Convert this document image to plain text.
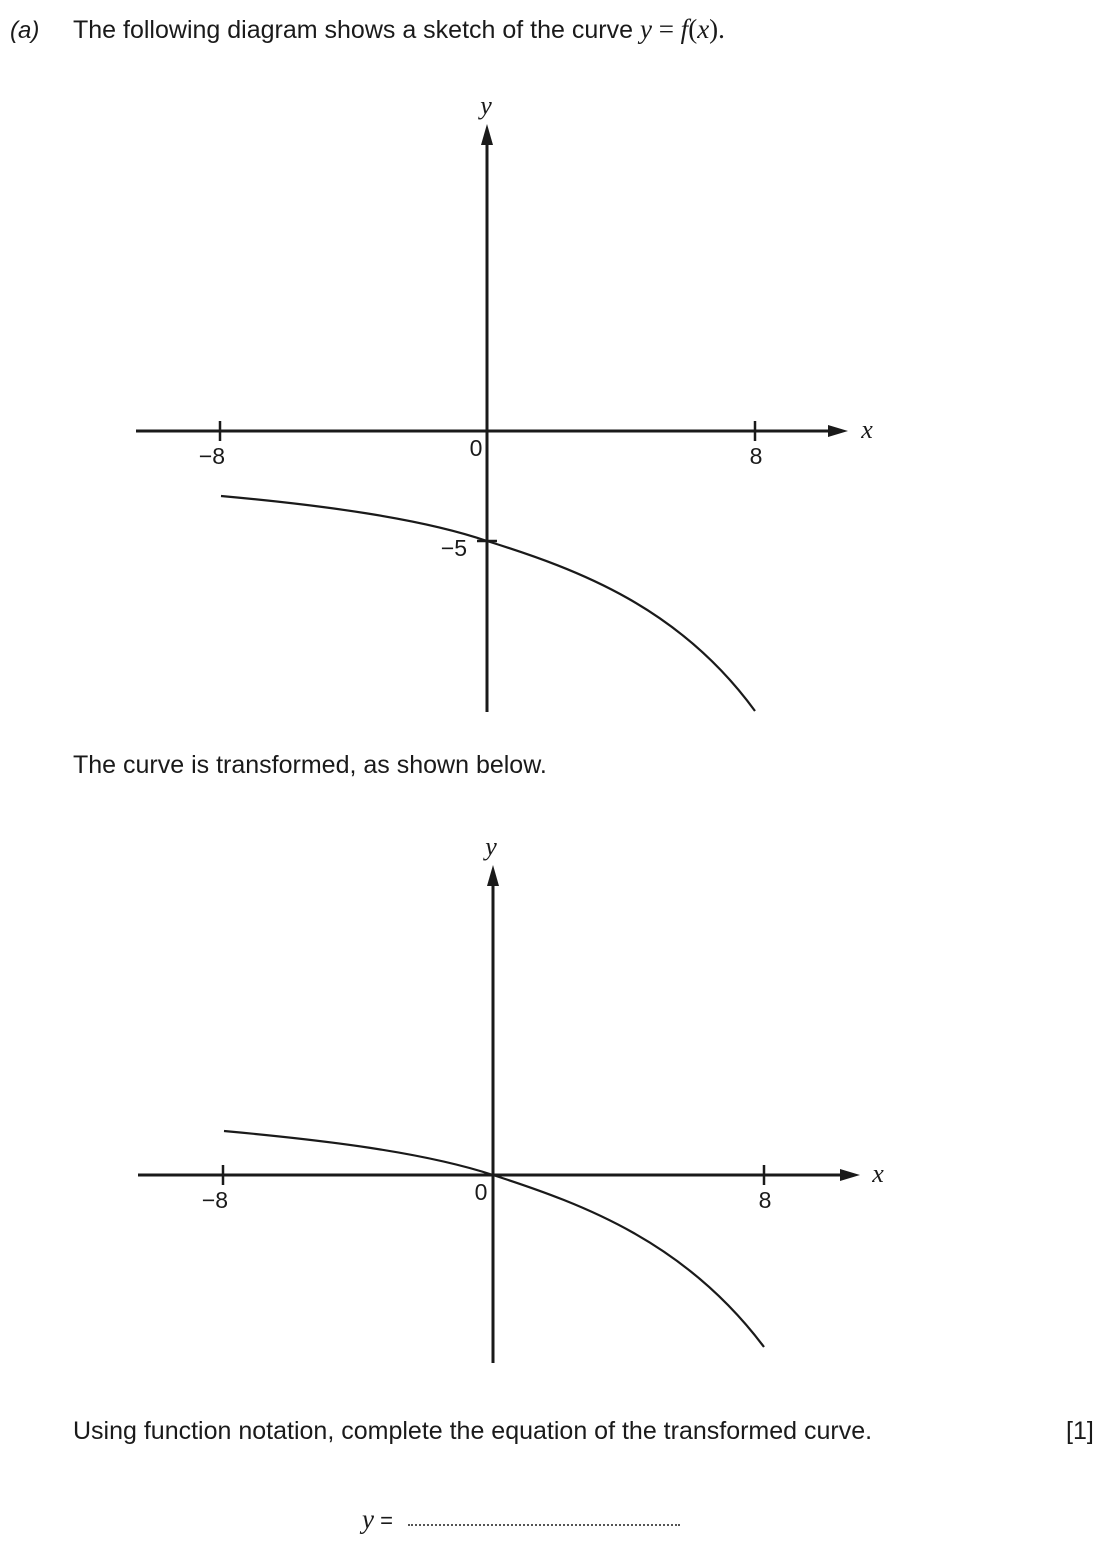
(a) The following diagram shows a sketch of the curve y = f(x).
−8	8
0
−5
x
y
The curve is transformed, as shown below.
−8	8
0
x
y
Using function notation, complete the equation of the transformed curve.	[1]
y =
